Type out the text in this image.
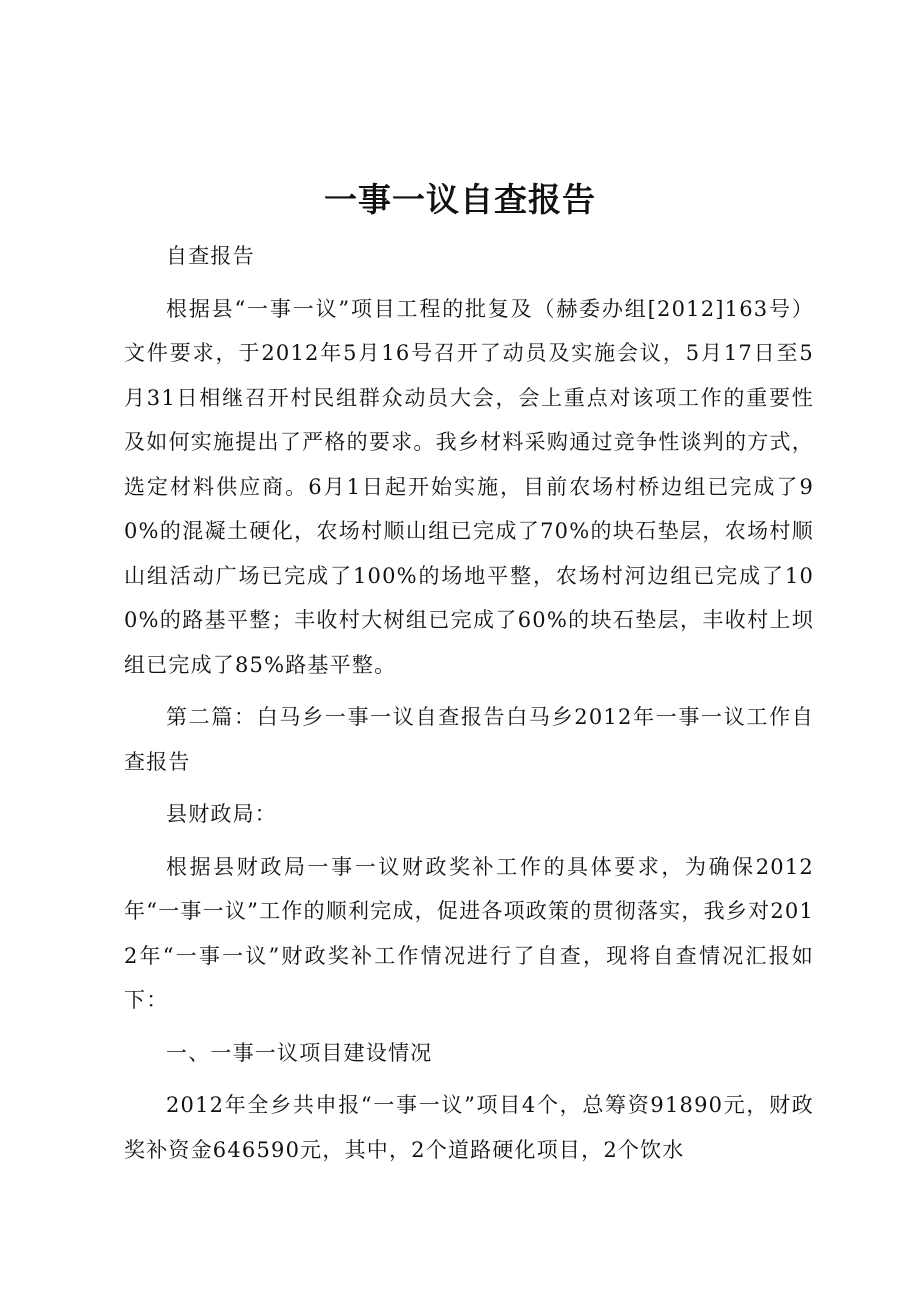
一事一议自查报告

自查报告

根据县“一事一议”项目工程的批复及（赫委办组[2012]163号）文件要求，于2012年5月16号召开了动员及实施会议，5月17日至5月31日相继召开村民组群众动员大会，会上重点对该项工作的重要性及如何实施提出了严格的要求。我乡材料采购通过竞争性谈判的方式，选定材料供应商。6月1日起开始实施，目前农场村桥边组已完成了90%的混凝土硬化，农场村顺山组已完成了70%的块石垫层，农场村顺山组活动广场已完成了100%的场地平整，农场村河边组已完成了100%的路基平整；丰收村大树组已完成了60%的块石垫层，丰收村上坝组已完成了85%路基平整。

第二篇：白马乡一事一议自查报告白马乡2012年一事一议工作自查报告

县财政局：

根据县财政局一事一议财政奖补工作的具体要求，为确保2012年“一事一议”工作的顺利完成，促进各项政策的贯彻落实，我乡对2012年“一事一议”财政奖补工作情况进行了自查，现将自查情况汇报如下：

一、一事一议项目建设情况

2012年全乡共申报“一事一议”项目4个，总筹资91890元，财政奖补资金646590元，其中，2个道路硬化项目，2个饮水
